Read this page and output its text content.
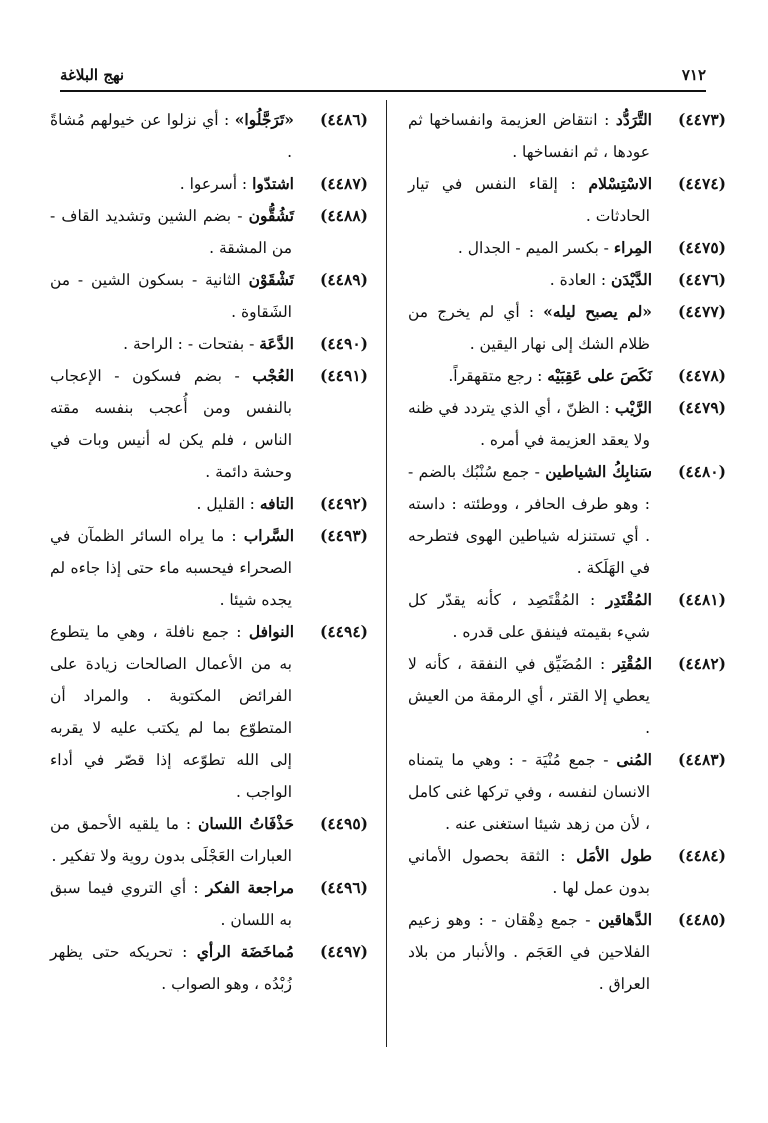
٧١٢
نهج البلاغة

(٤٤٧٣)التَّرَدُّد : انتقاض العزيمة وانفساخها ثم عودها ، ثم انفساخها .

(٤٤٧٤)الاسْتِسْلام : إلقاء النفس في تيار الحادثات .

(٤٤٧٥)المِراء - بكسر الميم - الجدال .

(٤٤٧٦)الدَّيْدَن : العادة .

(٤٤٧٧)«لم يصبح ليله» : أي لم يخرج من ظلام الشك إلى نهار اليقين .

(٤٤٧٨)نَكَصَ على عَقِبَيْه : رجع متقهقراً.

(٤٤٧٩)الرَّيْب : الظنّ ، أي الذي يتردد في ظنه ولا يعقد العزيمة في أمره .

(٤٤٨٠)سَنابِكُ الشياطين - جمع سُنْبُك بالضم - : وهو طرف الحافر ، ووطئته : داسته . أي تستنزله شياطين الهوى فتطرحه في الهَلَكة .

(٤٤٨١)المُقْتَدِر : المُقْتَصِد ، كأنه يقدّر كل شيء بقيمته فينفق على قدره .

(٤٤٨٢)المُقْتِر : المُضَيِّق في النفقة ، كأنه لا يعطي إلا القتر ، أي الرمقة من العيش .

(٤٤٨٣)المُنى - جمع مُنْيَة - : وهي ما يتمناه الانسان لنفسه ، وفي تركها غنى كامل ، لأن من زهد شيئا استغنى عنه .

(٤٤٨٤)طول الأمَل : الثقة بحصول الأماني بدون عمل لها .

(٤٤٨٥)الدَّهاقين - جمع دِهْقان - : وهو زعيم الفلاحين في العَجَم . والأنبار من بلاد العراق .

(٤٤٨٦)«تَرَجَّلُوا» : أي نزلوا عن خيولهم مُشاةً .

(٤٤٨٧)اشتدّوا : أسرعوا .

(٤٤٨٨)تَشُقُّون - بضم الشين وتشديد القاف - من المشقة .

(٤٤٨٩)تَشْقَوْن الثانية - بسكون الشين - من الشَقاوة .

(٤٤٩٠)الدَّعَة - بفتحات - : الراحة .

(٤٤٩١)العُجْب - بضم فسكون - الإعجاب بالنفس ومن أُعجب بنفسه مقته الناس ، فلم يكن له أنيس وبات في وحشة دائمة .

(٤٤٩٢)التافه : القليل .

(٤٤٩٣)السَّراب : ما يراه السائر الظمآن في الصحراء فيحسبه ماء حتى إذا جاءه لم يجده شيئا .

(٤٤٩٤)النوافل : جمع نافلة ، وهي ما يتطوع به من الأعمال الصالحات زيادة على الفرائض المكتوبة . والمراد أن المتطوّع بما لم يكتب عليه لا يقربه إلى الله تطوّعه إذا قصّر في أداء الواجب .

(٤٤٩٥)حَذْفَاتُ اللسان : ما يلقيه الأحمق من العبارات العَجْلَى بدون روية ولا تفكير .

(٤٤٩٦)مراجعة الفكر : أي التروي فيما سبق به اللسان .

(٤٤٩٧)مُماخَضَة الرأي : تحريكه حتى يظهر زُبْدُه ، وهو الصواب .
